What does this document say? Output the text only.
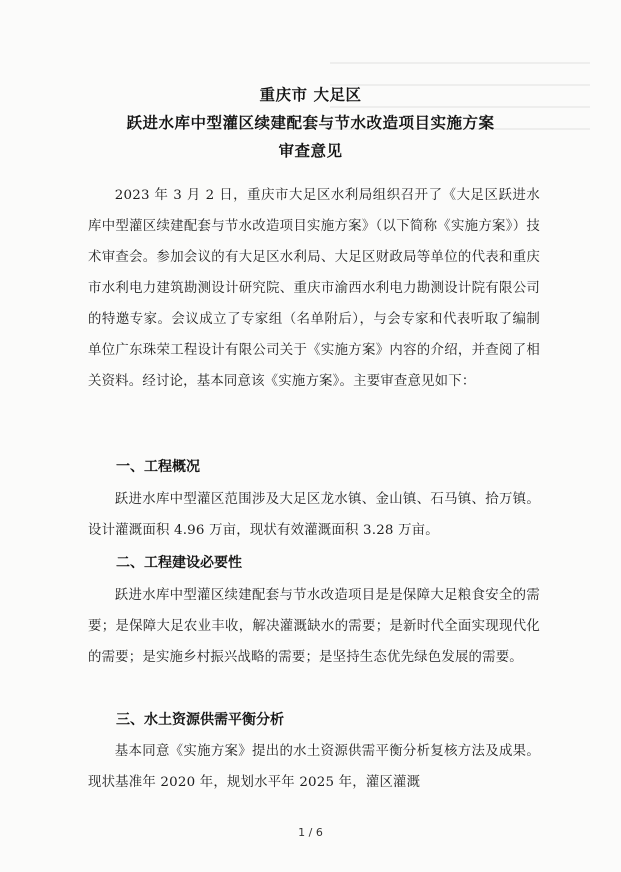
重庆市 大足区
跃进水库中型灌区续建配套与节水改造项目实施方案
审查意见

2023 年 3 月 2 日，重庆市大足区水利局组织召开了《大足区跃进水库中型灌区续建配套与节水改造项目实施方案》（以下简称《实施方案》）技术审查会。参加会议的有大足区水利局、大足区财政局等单位的代表和重庆市水利电力建筑勘测设计研究院、重庆市渝西水利电力勘测设计院有限公司的特邀专家。会议成立了专家组（名单附后），与会专家和代表听取了编制单位广东珠荣工程设计有限公司关于《实施方案》内容的介绍，并查阅了相关资料。经讨论，基本同意该《实施方案》。主要审查意见如下：

一、工程概况

跃进水库中型灌区范围涉及大足区龙水镇、金山镇、石马镇、拾万镇。设计灌溉面积 4.96 万亩，现状有效灌溉面积 3.28 万亩。

二、工程建设必要性

跃进水库中型灌区续建配套与节水改造项目是是保障大足粮食安全的需要；是保障大足农业丰收，解决灌溉缺水的需要；是新时代全面实现现代化的需要；是实施乡村振兴战略的需要；是坚持生态优先绿色发展的需要。

三、水土资源供需平衡分析

基本同意《实施方案》提出的水土资源供需平衡分析复核方法及成果。现状基准年 2020 年，规划水平年 2025 年，灌区灌溉

1 / 6
